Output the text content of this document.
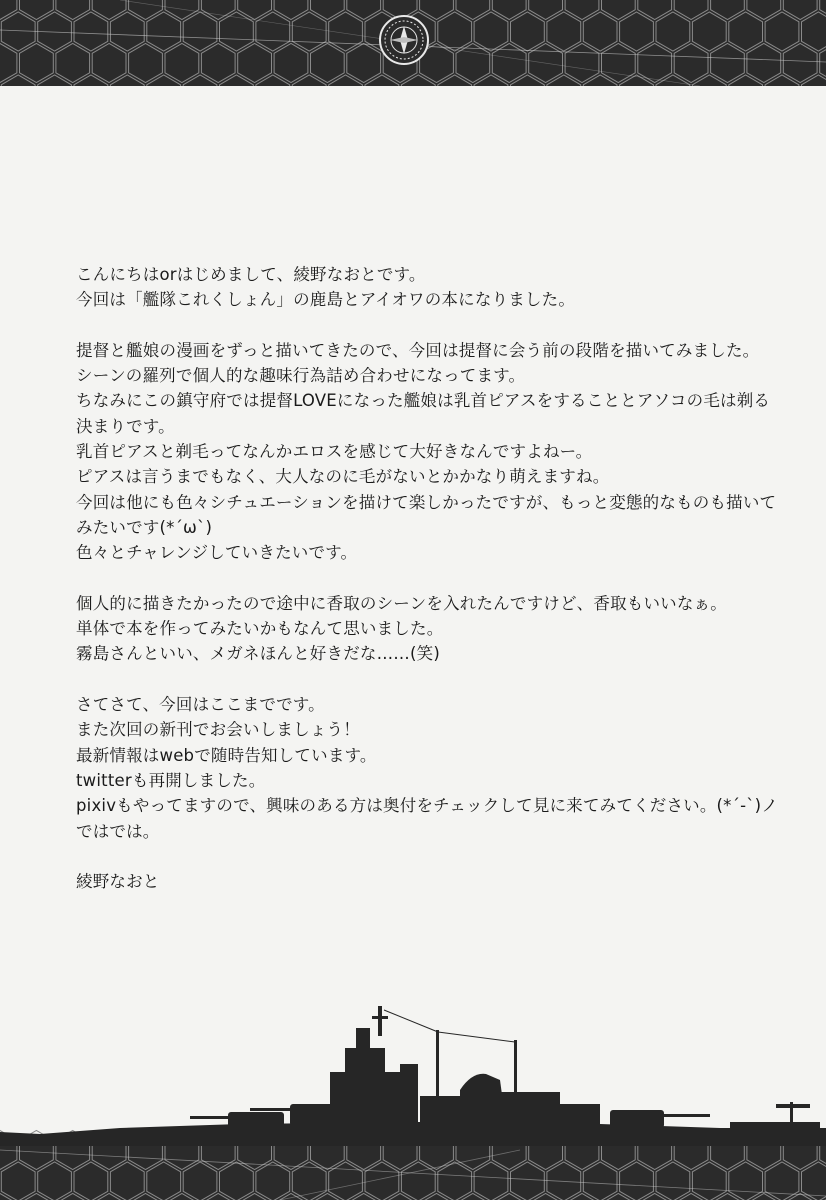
こんにちはorはじめまして、綾野なおとです。
今回は「艦隊これくしょん」の鹿島とアイオワの本になりました。
提督と艦娘の漫画をずっと描いてきたので、今回は提督に会う前の段階を描いてみました。
シーンの羅列で個人的な趣味行為詰め合わせになってます。
ちなみにこの鎮守府では提督LOVEになった艦娘は乳首ピアスをすることとアソコの毛は剃る
決まりです。
乳首ピアスと剃毛ってなんかエロスを感じて大好きなんですよねー。
ピアスは言うまでもなく、大人なのに毛がないとかかなり萌えますね。
今回は他にも色々シチュエーションを描けて楽しかったですが、もっと変態的なものも描いて
みたいです(*´ω`)
色々とチャレンジしていきたいです。
個人的に描きたかったので途中に香取のシーンを入れたんですけど、香取もいいなぁ。
単体で本を作ってみたいかもなんて思いました。
霧島さんといい、メガネほんと好きだな……(笑)
さてさて、今回はここまでです。
また次回の新刊でお会いしましょう！
最新情報はwebで随時告知しています。
twitterも再開しました。
pixivもやってますので、興味のある方は奥付をチェックして見に来てみてください。(*´-`)ノ
ではでは。

綾野なおと
